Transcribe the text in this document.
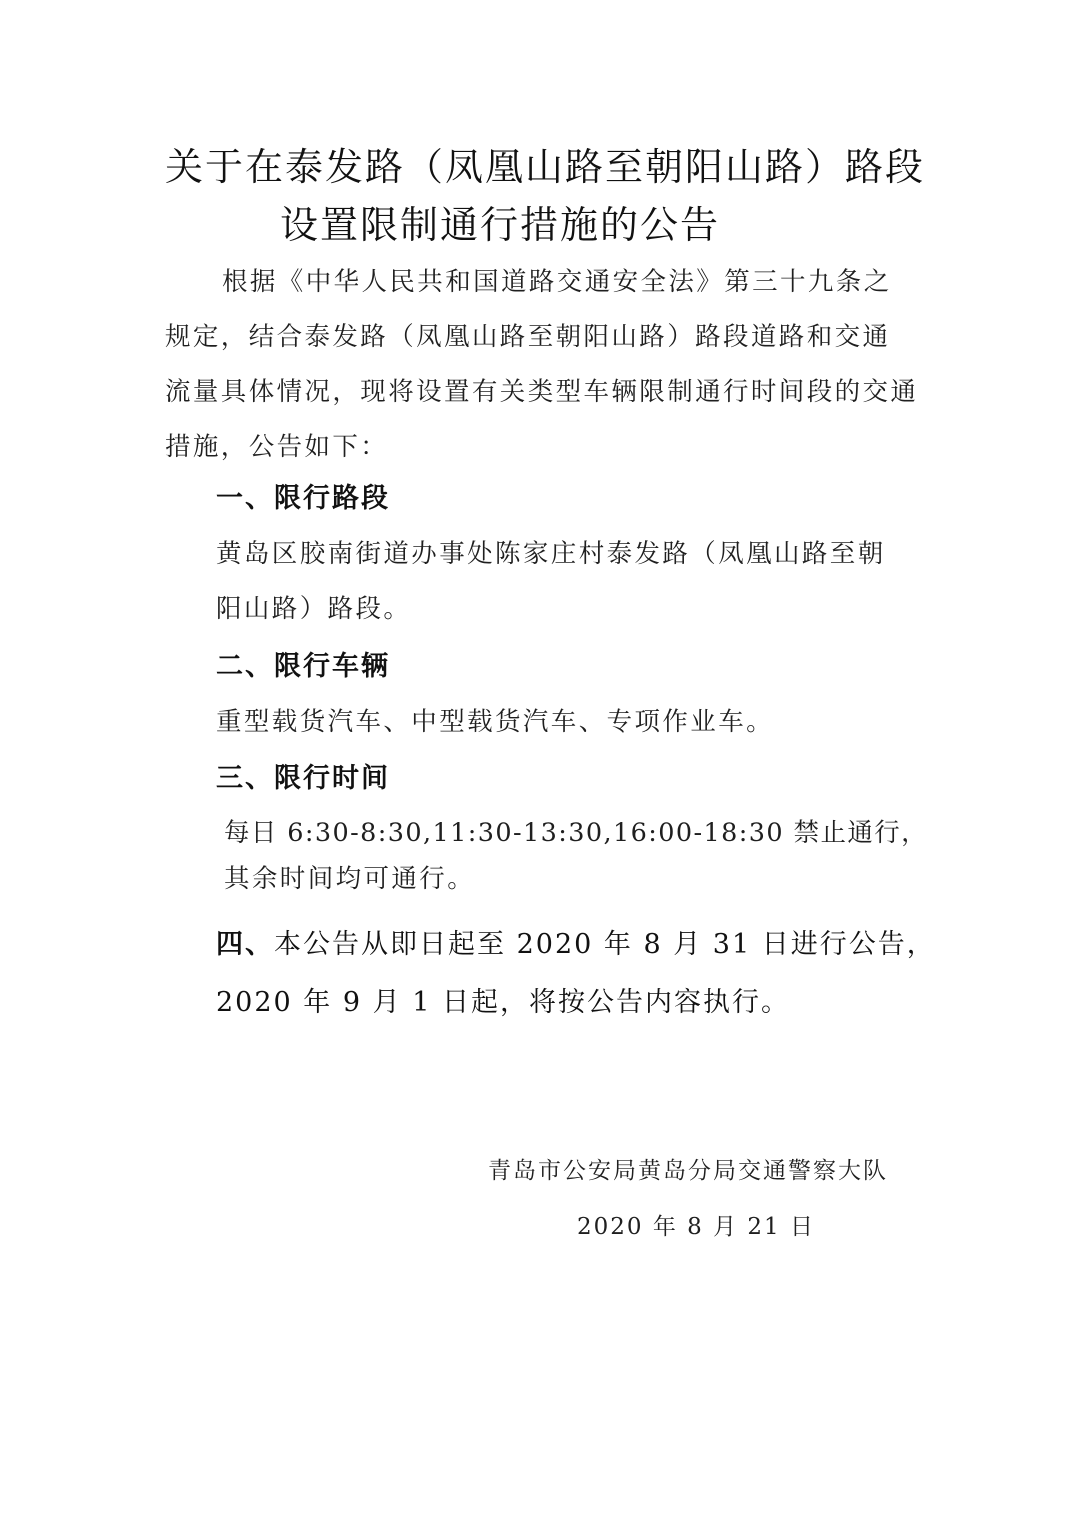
关于在泰发路（凤凰山路至朝阳山路）路段
设置限制通行措施的公告
根据《中华人民共和国道路交通安全法》第三十九条之
规定，结合泰发路（凤凰山路至朝阳山路）路段道路和交通
流量具体情况，现将设置有关类型车辆限制通行时间段的交通
措施，公告如下：
一、限行路段
黄岛区胶南街道办事处陈家庄村泰发路（凤凰山路至朝
阳山路）路段。
二、限行车辆
重型载货汽车、中型载货汽车、专项作业车。
三、限行时间
每日 6:30-8:30,11:30-13:30,16:00-18:30 禁止通行，
其余时间均可通行。
四、本公告从即日起至 2020 年 8 月 31 日进行公告，
2020 年 9 月 1 日起，将按公告内容执行。
青岛市公安局黄岛分局交通警察大队
2020 年 8 月 21 日
